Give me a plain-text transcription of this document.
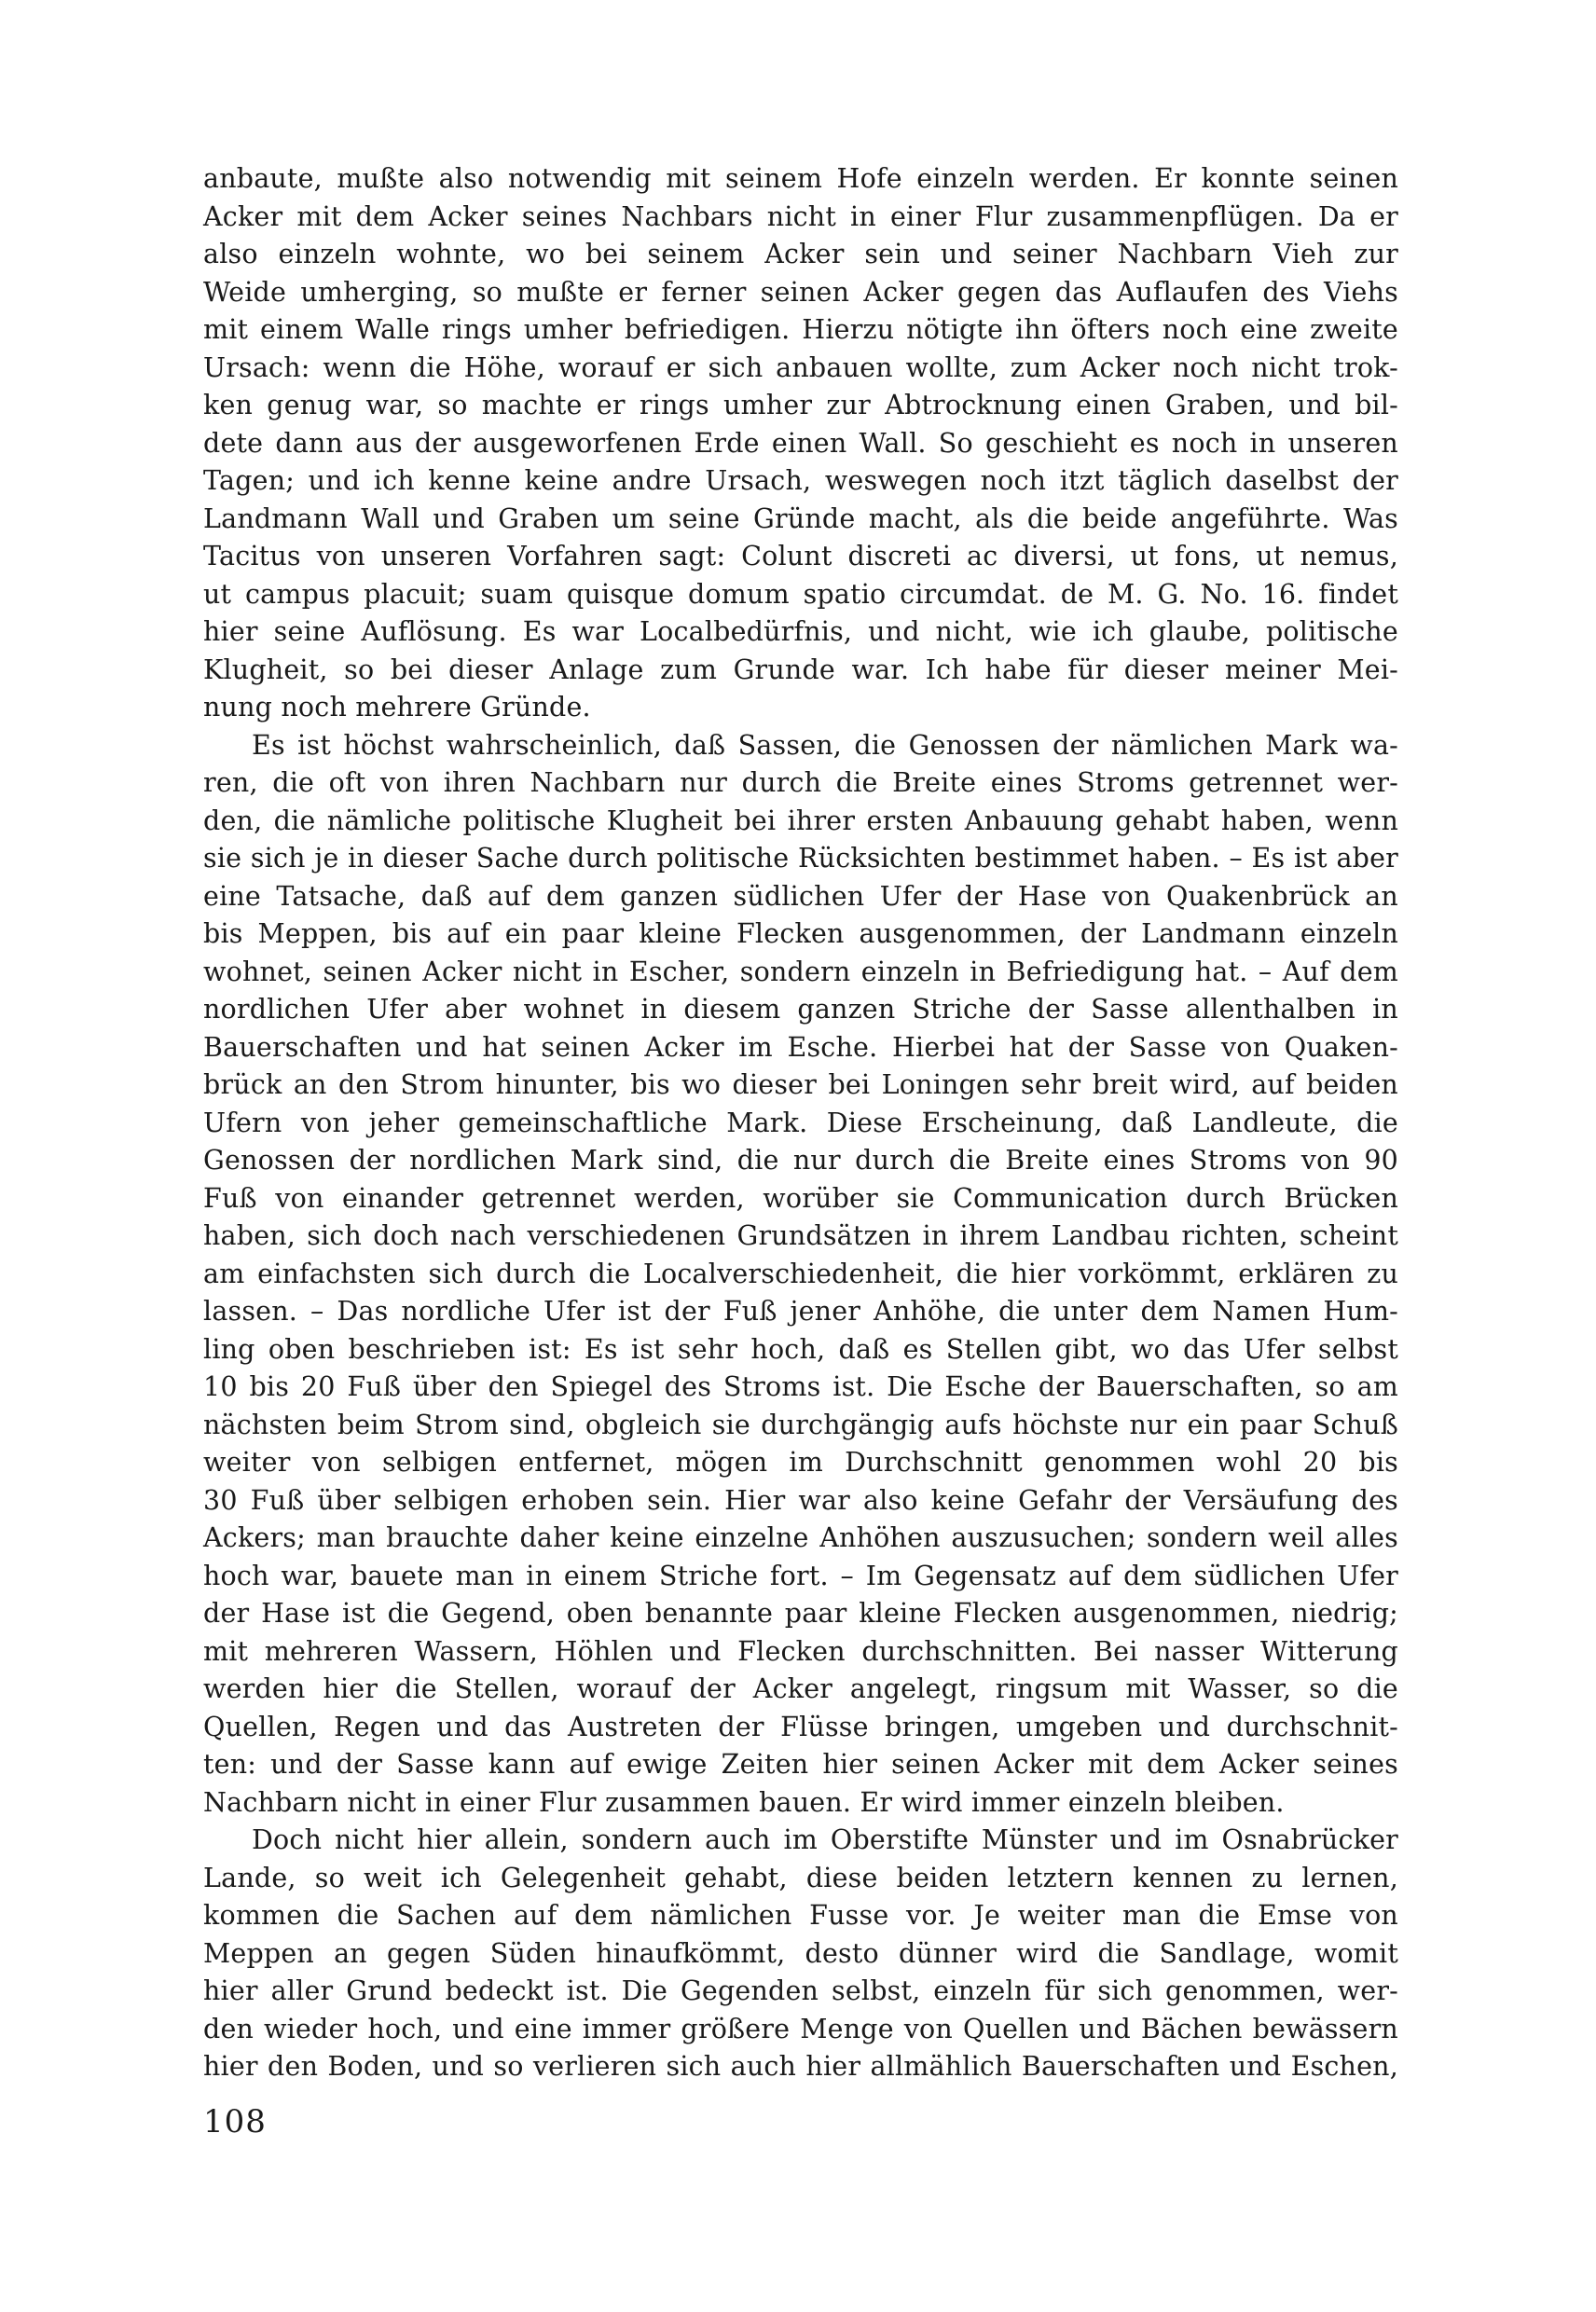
anbaute, mußte also notwendig mit seinem Hofe einzeln werden. Er konnte seinen
Acker mit dem Acker seines Nachbars nicht in einer Flur zusammenpflügen. Da er
also einzeln wohnte, wo bei seinem Acker sein und seiner Nachbarn Vieh zur
Weide umherging, so mußte er ferner seinen Acker gegen das Auflaufen des Viehs
mit einem Walle rings umher befriedigen. Hierzu nötigte ihn öfters noch eine zweite
Ursach: wenn die Höhe, worauf er sich anbauen wollte, zum Acker noch nicht trok-
ken genug war, so machte er rings umher zur Abtrocknung einen Graben, und bil-
dete dann aus der ausgeworfenen Erde einen Wall. So geschieht es noch in unseren
Tagen; und ich kenne keine andre Ursach, weswegen noch itzt täglich daselbst der
Landmann Wall und Graben um seine Gründe macht, als die beide angeführte. Was
Tacitus von unseren Vorfahren sagt: Colunt discreti ac diversi, ut fons, ut nemus,
ut campus placuit; suam quisque domum spatio circumdat. de M. G. No. 16. findet
hier seine Auflösung. Es war Localbedürfnis, und nicht, wie ich glaube, politische
Klugheit, so bei dieser Anlage zum Grunde war. Ich habe für dieser meiner Mei-
nung noch mehrere Gründe.
Es ist höchst wahrscheinlich, daß Sassen, die Genossen der nämlichen Mark wa-
ren, die oft von ihren Nachbarn nur durch die Breite eines Stroms getrennet wer-
den, die nämliche politische Klugheit bei ihrer ersten Anbauung gehabt haben, wenn
sie sich je in dieser Sache durch politische Rücksichten bestimmet haben. – Es ist aber
eine Tatsache, daß auf dem ganzen südlichen Ufer der Hase von Quakenbrück an
bis Meppen, bis auf ein paar kleine Flecken ausgenommen, der Landmann einzeln
wohnet, seinen Acker nicht in Escher, sondern einzeln in Befriedigung hat. – Auf dem
nordlichen Ufer aber wohnet in diesem ganzen Striche der Sasse allenthalben in
Bauerschaften und hat seinen Acker im Esche. Hierbei hat der Sasse von Quaken-
brück an den Strom hinunter, bis wo dieser bei Loningen sehr breit wird, auf beiden
Ufern von jeher gemeinschaftliche Mark. Diese Erscheinung, daß Landleute, die
Genossen der nordlichen Mark sind, die nur durch die Breite eines Stroms von 90
Fuß von einander getrennet werden, worüber sie Communication durch Brücken
haben, sich doch nach verschiedenen Grundsätzen in ihrem Landbau richten, scheint
am einfachsten sich durch die Localverschiedenheit, die hier vorkömmt, erklären zu
lassen. – Das nordliche Ufer ist der Fuß jener Anhöhe, die unter dem Namen Hum-
ling oben beschrieben ist: Es ist sehr hoch, daß es Stellen gibt, wo das Ufer selbst
10 bis 20 Fuß über den Spiegel des Stroms ist. Die Esche der Bauerschaften, so am
nächsten beim Strom sind, obgleich sie durchgängig aufs höchste nur ein paar Schuß
weiter von selbigen entfernet, mögen im Durchschnitt genommen wohl 20 bis
30 Fuß über selbigen erhoben sein. Hier war also keine Gefahr der Versäufung des
Ackers; man brauchte daher keine einzelne Anhöhen auszusuchen; sondern weil alles
hoch war, bauete man in einem Striche fort. – Im Gegensatz auf dem südlichen Ufer
der Hase ist die Gegend, oben benannte paar kleine Flecken ausgenommen, niedrig;
mit mehreren Wassern, Höhlen und Flecken durchschnitten. Bei nasser Witterung
werden hier die Stellen, worauf der Acker angelegt, ringsum mit Wasser, so die
Quellen, Regen und das Austreten der Flüsse bringen, umgeben und durchschnit-
ten: und der Sasse kann auf ewige Zeiten hier seinen Acker mit dem Acker seines
Nachbarn nicht in einer Flur zusammen bauen. Er wird immer einzeln bleiben.
Doch nicht hier allein, sondern auch im Oberstifte Münster und im Osnabrücker
Lande, so weit ich Gelegenheit gehabt, diese beiden letztern kennen zu lernen,
kommen die Sachen auf dem nämlichen Fusse vor. Je weiter man die Emse von
Meppen an gegen Süden hinaufkömmt, desto dünner wird die Sandlage, womit
hier aller Grund bedeckt ist. Die Gegenden selbst, einzeln für sich genommen, wer-
den wieder hoch, und eine immer größere Menge von Quellen und Bächen bewässern
hier den Boden, und so verlieren sich auch hier allmählich Bauerschaften und Eschen,
108
